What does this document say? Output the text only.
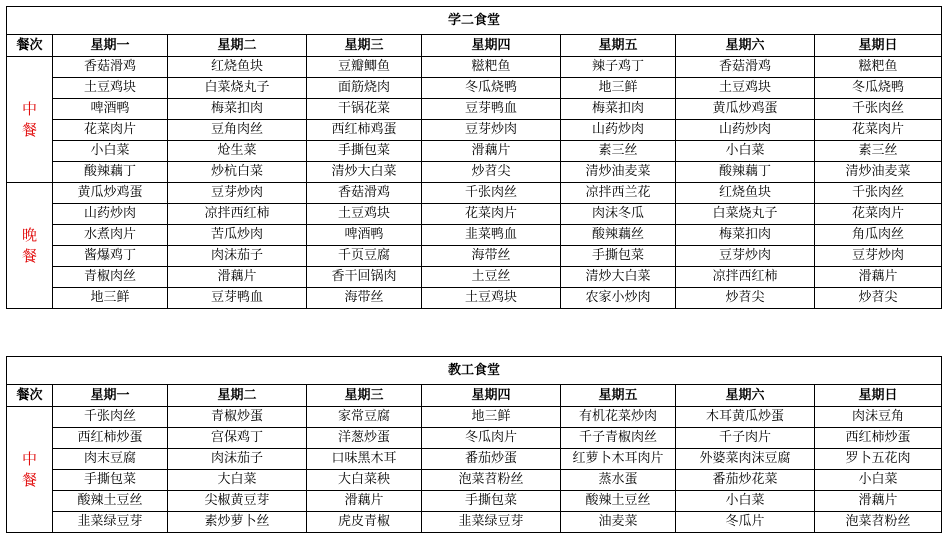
学二食堂							
餐次	星期一	星期二	星期三	星期四	星期五	星期六	星期日

中
餐	香菇滑鸡	红烧鱼块	豆瓣鲫鱼	糍粑鱼	辣子鸡丁	香菇滑鸡	糍粑鱼
	土豆鸡块	白菜烧丸子	面筋烧肉	冬瓜烧鸭	地三鲜	土豆鸡块	冬瓜烧鸭
	啤酒鸭	梅菜扣肉	干锅花菜	豆芽鸭血	梅菜扣肉	黄瓜炒鸡蛋	千张肉丝
	花菜肉片	豆角肉丝	西红柿鸡蛋	豆芽炒肉	山药炒肉	山药炒肉	花菜肉片
	小白菜	炝生菜	手撕包菜	滑藕片	素三丝	小白菜	素三丝
	酸辣藕丁	炒杭白菜	清炒大白菜	炒苕尖	清炒油麦菜	酸辣藕丁	清炒油麦菜

晚
餐	黄瓜炒鸡蛋	豆芽炒肉	香菇滑鸡	千张肉丝	凉拌西兰花	红烧鱼块	千张肉丝
	山药炒肉	凉拌西红柿	土豆鸡块	花菜肉片	肉沫冬瓜	白菜烧丸子	花菜肉片
	水煮肉片	苦瓜炒肉	啤酒鸭	韭菜鸭血	酸辣藕丝	梅菜扣肉	角瓜肉丝
	酱爆鸡丁	肉沫茄子	千页豆腐	海带丝	手撕包菜	豆芽炒肉	豆芽炒肉
	青椒肉丝	滑藕片	香干回锅肉	土豆丝	清炒大白菜	凉拌西红柿	滑藕片
	地三鲜	豆芽鸭血	海带丝	土豆鸡块	农家小炒肉	炒苕尖	炒苕尖
教工食堂							
餐次	星期一	星期二	星期三	星期四	星期五	星期六	星期日

中
餐	千张肉丝	青椒炒蛋	家常豆腐	地三鲜	有机花菜炒肉	木耳黄瓜炒蛋	肉沫豆角
	西红柿炒蛋	宫保鸡丁	洋葱炒蛋	冬瓜肉片	千子青椒肉丝	千子肉片	西红柿炒蛋
	肉末豆腐	肉沫茄子	口味黑木耳	番茄炒蛋	红萝卜木耳肉片	外婆菜肉沫豆腐	罗卜五花肉
	手撕包菜	大白菜	大白菜秧	泡菜苕粉丝	蒸水蛋	番茄炒花菜	小白菜
	酸辣土豆丝	尖椒黄豆芽	滑藕片	手撕包菜	酸辣土豆丝	小白菜	滑藕片
	韭菜绿豆芽	素炒萝卜丝	虎皮青椒	韭菜绿豆芽	油麦菜	冬瓜片	泡菜苕粉丝
